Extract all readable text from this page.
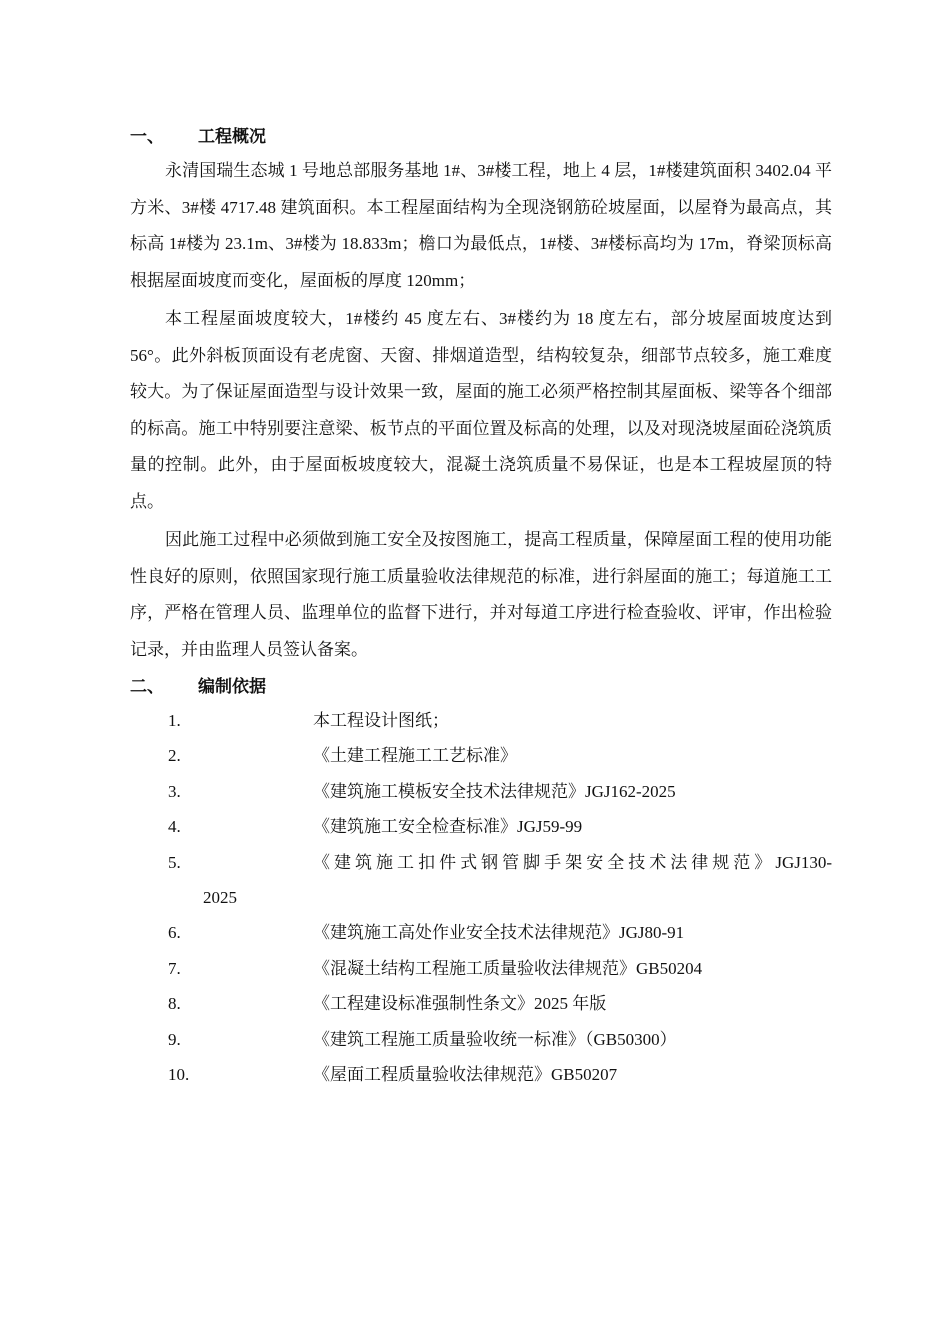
一、 工程概况

永清国瑞生态城 1 号地总部服务基地 1#、3#楼工程，地上 4 层，1#楼建筑面积 3402.04 平方米、3#楼 4717.48 建筑面积。本工程屋面结构为全现浇钢筋砼坡屋面，以屋脊为最高点，其标高 1#楼为 23.1m、3#楼为 18.833m；檐口为最低点，1#楼、3#楼标高均为 17m，脊梁顶标高根据屋面坡度而变化，屋面板的厚度 120mm；

本工程屋面坡度较大，1#楼约 45 度左右、3#楼约为 18 度左右，部分坡屋面坡度达到 56°。此外斜板顶面设有老虎窗、天窗、排烟道造型，结构较复杂，细部节点较多，施工难度较大。为了保证屋面造型与设计效果一致，屋面的施工必须严格控制其屋面板、梁等各个细部的标高。施工中特别要注意梁、板节点的平面位置及标高的处理，以及对现浇坡屋面砼浇筑质量的控制。此外，由于屋面板坡度较大，混凝土浇筑质量不易保证，也是本工程坡屋顶的特点。

因此施工过程中必须做到施工安全及按图施工，提高工程质量，保障屋面工程的使用功能性良好的原则，依照国家现行施工质量验收法律规范的标准，进行斜屋面的施工；每道施工工序，严格在管理人员、监理单位的监督下进行，并对每道工序进行检查验收、评审，作出检验记录，并由监理人员签认备案。

二、 编制依据
1.	本工程设计图纸；
2.	《土建工程施工工艺标准》
3.	《建筑施工模板安全技术法律规范》JGJ162-2025
4.	《建筑施工安全检查标准》JGJ59-99
5.	《建筑施工扣件式钢管脚手架安全技术法律规范》JGJ130-
2025
6.	《建筑施工高处作业安全技术法律规范》JGJ80-91
7.	《混凝土结构工程施工质量验收法律规范》GB50204
8.	《工程建设标准强制性条文》2025 年版
9.	《建筑工程施工质量验收统一标准》（GB50300）
10.	《屋面工程质量验收法律规范》GB50207
